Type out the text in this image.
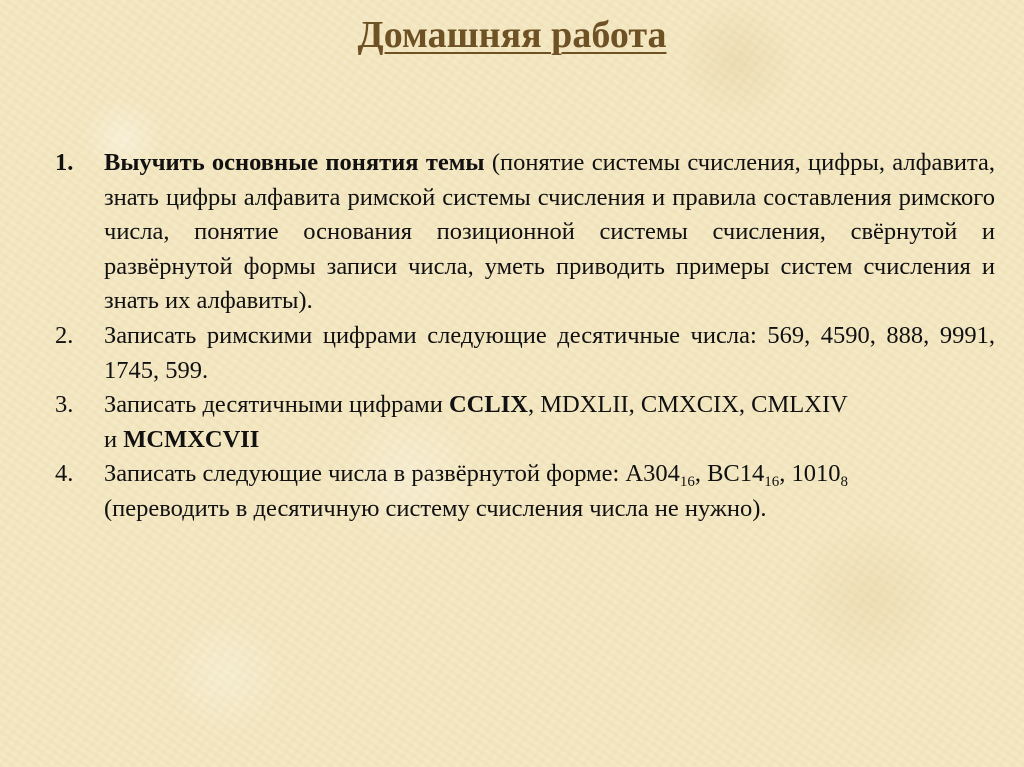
Домашняя работа
1. Выучить основные понятия темы (понятие системы счисления, цифры, алфавита, знать цифры алфавита римской системы счисления и правила составления римского числа, понятие основания позиционной системы счисления, свёрнутой и развёрнутой формы записи числа, уметь приводить примеры систем счисления и знать их алфавиты).
2. Записать римскими цифрами следующие десятичные числа: 569, 4590, 888, 9991, 1745, 599.
3. Записать десятичными цифрами CCLIX, MDXLII, CMXCIX, CMLXIV
и MCMXCVII
4. Записать следующие числа в развёрнутой форме: $A304_{16}$, $BC14_{16}$, $1010_8$
(переводить в десятичную систему счисления числа не нужно).
